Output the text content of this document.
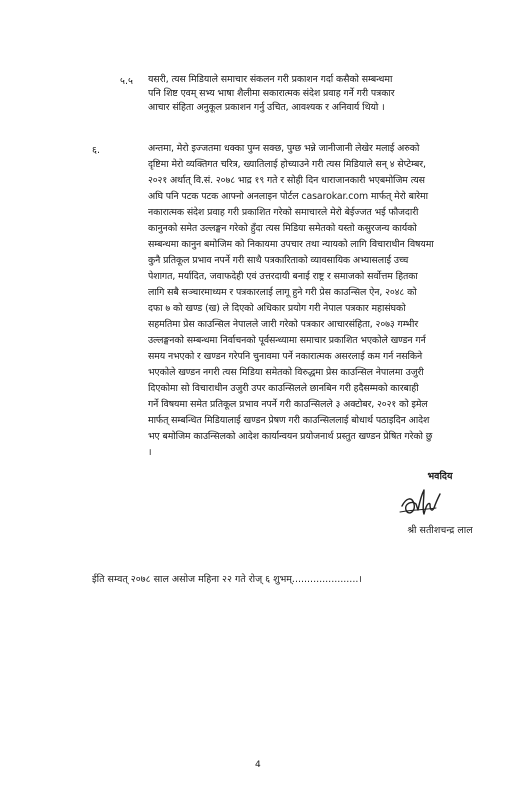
५.५ यसरी, त्यस मिडियाले समाचार संकलन गरी प्रकाशन गर्दा कसैको सम्बन्धमा
पनि शिष्ट एवम् सभ्य भाषा शैलीमा सकारात्मक संदेश प्रवाह गर्ने गरी पत्रकार
आचार संहिता अनुकूल प्रकाशन गर्नु उचित, आवश्यक र अनिवार्य थियो ।
६.	अन्तमा, मेरो इज्जतमा धक्का पुग्न सक्छ, पुग्छ भन्ने जानीजानी लेखेर मलाई अरुको
दृष्टिमा मेरो व्यक्तिगत चरित्र, ख्यातिलाई होच्याउने गरी त्यस मिडियाले सन् ४ सेप्टेम्बर,
२०२१ अर्थात् वि.सं. २०७८ भाद्र १९ गते र सोही दिन धाराजानकारी भएबमोजिम त्यस
अघि पनि पटक पटक आफ्नो अनलाइन पोर्टल casarokar.com मार्फत् मेरो बारेमा
नकारात्मक संदेश प्रवाह गरी प्रकाशित गरेको समाचारले मेरो बेईज्जत भई फौजदारी
कानुनको समेत उल्लङ्घन गरेको हुँदा त्यस मिडिया समेतको यस्तो कसुरजन्य कार्यको
सम्बन्धमा कानुन बमोजिम को निकायमा उपचार तथा न्यायको लागि विचाराधीन विषयमा
कुनै प्रतिकूल प्रभाव नपर्ने गरी साथै पत्रकारिताको व्यावसायिक अभ्यासलाई उच्च
पेशागत, मर्यादित, जवाफदेही एवं उत्तरदायी बनाई राष्ट्र र समाजको सर्वोत्तम हितका
लागि सबै सञ्चारमाध्यम र पत्रकारलाई लागू हुने गरी प्रेस काउन्सिल ऐन, २०४८ को
दफा ७ को खण्ड (ख) ले दिएको अधिकार प्रयोग गरी नेपाल पत्रकार महासंघको
सहमतिमा प्रेस काउन्सिल नेपालले जारी गरेको पत्रकार आचारसंहिता, २०७३ गम्भीर
उल्लङ्घनको सम्बन्धमा निर्वाचनको पूर्वसन्ध्यामा समाचार प्रकाशित भएकोले खण्डन गर्न
समय नभएको र खण्डन गरेपनि चुनावमा पर्ने नकारात्मक असरलाई कम गर्न नसकिने
भएकोले खण्डन नगरी त्यस मिडिया समेतको विरुद्धमा प्रेस काउन्सिल नेपालमा उजुरी
दिएकोमा सो विचाराधीन उजुरी उपर काउन्सिलले छानबिन गरी हदैसम्मको कारबाही
गर्ने विषयमा समेत प्रतिकूल प्रभाव नपर्ने गरी काउन्सिलले ३ अक्टोबर, २०२१ को इमेल
मार्फत् सम्बन्धित मिडियालाई खण्डन प्रेषण गरी काउन्सिललाई बोधार्थ पठाइदिन आदेश
भए बमोजिम काउन्सिलको आदेश कार्यान्वयन प्रयोजनार्थ प्रस्तुत खण्डन प्रेषित गरेको छु
।
भवदिय
श्री सतीशचन्द्र लाल
ईति सम्वत् २०७८ साल असोज महिना २२ गते रोज् ६ शुभम्......................।
4
